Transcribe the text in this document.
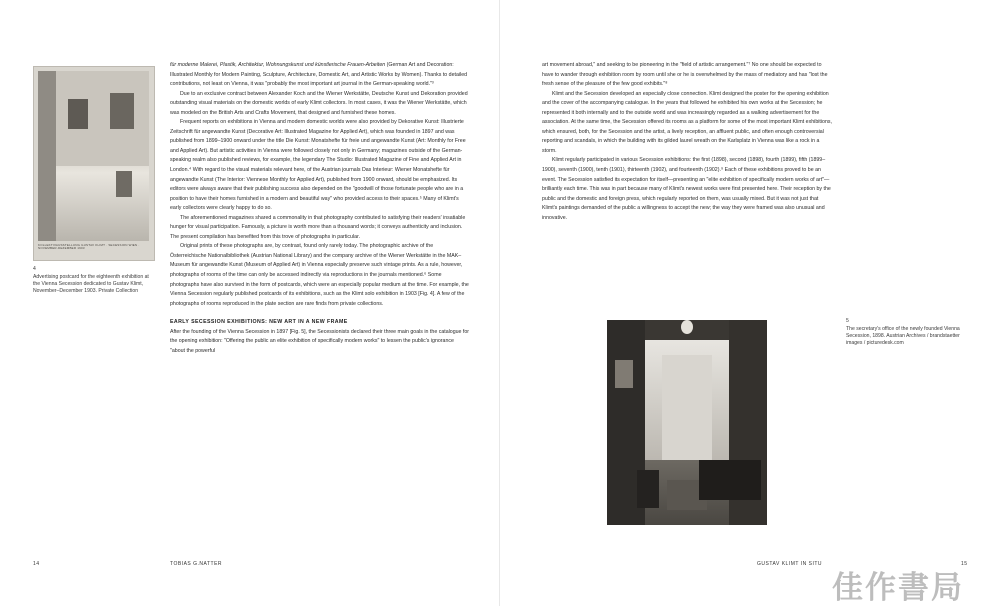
KOLLEKTIVAUSSTELLUNG GUSTAV KLIMT · SECESSION WIEN · NOVEMBER-DEZEMBER 1903
4
Advertising postcard for the eighteenth exhibition at the Vienna Secession dedicated to Gustav Klimt, November–December 1903. Private Collection

für moderne Malerei, Plastik, Architektur, Wohnungskunst und künstlerische Frauen-Arbeiten (German Art and Decoration: Illustrated Monthly for Modern Painting, Sculpture, Architecture, Domestic Art, and Artistic Works by Women). Thanks to detailed contributions, not least on Vienna, it was "probably the most important art journal in the German-speaking world."³

Due to an exclusive contract between Alexander Koch and the Wiener Werkstätte, Deutsche Kunst und Dekoration provided outstanding visual materials on the domestic worlds of early Klimt collectors. In most cases, it was the Wiener Werkstätte, which was modeled on the British Arts and Crafts Movement, that designed and furnished these homes.

Frequent reports on exhibitions in Vienna and modern domestic worlds were also provided by Dekorative Kunst: Illustrierte Zeitschrift für angewandte Kunst (Decorative Art: Illustrated Magazine for Applied Art), which was founded in 1897 and was published from 1899–1900 onward under the title Die Kunst: Monatshefte für freie und angewandte Kunst (Art: Monthly for Free and Applied Art). But artistic activities in Vienna were followed closely not only in Germany; magazines outside of the German-speaking realm also published reviews, for example, the legendary The Studio: Illustrated Magazine of Fine and Applied Art in London.⁴ With regard to the visual materials relevant here, of the Austrian journals Das Interieur: Wiener Monatshefte für angewandte Kunst (The Interior: Viennese Monthly for Applied Art), published from 1900 onward, should be emphasized. Its editors were always aware that their publishing success also depended on the "goodwill of those fortunate people who are in a position to have their homes furnished in a modern and beautiful way" who provided access to their spaces.⁵ Many of Klimt's early collectors were clearly happy to do so.

The aforementioned magazines shared a commonality in that photography contributed to satisfying their readers' insatiable hunger for visual participation. Famously, a picture is worth more than a thousand words; it conveys authenticity and inclusion. The present compilation has benefited from this trove of photographs in particular.

Original prints of these photographs are, by contrast, found only rarely today. The photographic archive of the Österreichische Nationalbibliothek (Austrian National Library) and the company archive of the Wiener Werkstätte in the MAK–Museum für angewandte Kunst (Museum of Applied Art) in Vienna especially preserve such vintage prints. As a rule, however, photographs of rooms of the time can only be accessed indirectly via reproductions in the journals mentioned.⁶ Some photographs have also survived in the form of postcards, which were an especially popular medium at the time. For example, the Vienna Secession regularly published postcards of its exhibitions, such as the Klimt solo exhibition in 1903 [Fig. 4]. A few of the photographs of rooms reproduced in the plate section are rare finds from private collections.

EARLY SECESSION EXHIBITIONS: NEW ART IN A NEW FRAME

After the founding of the Vienna Secession in 1897 [Fig. 5], the Secessionists declared their three main goals in the catalogue for the opening exhibition: "Offering the public an elite exhibition of specifically modern works" to lessen the public's ignorance "about the powerful

14	TOBIAS G.NATTER

art movement abroad," and seeking to be pioneering in the "field of artistic arrangement."⁷ No one should be expected to have to wander through exhibition room by room until she or he is overwhelmed by the mass of mediatory and has "lost the fresh sense of the pleasure of the few good exhibits."⁸

Klimt and the Secession developed an especially close connection. Klimt designed the poster for the opening exhibition and the cover of the accompanying catalogue. In the years that followed he exhibited his own works at the Secession; he represented it both internally and to the outside world and was increasingly regarded as a walking advertisement for the association. At the same time, the Secession offered its rooms as a platform for some of the most important Klimt exhibitions, which ensured, both, for the Secession and the artist, a lively reception, an affluent public, and often enough controversial reporting and scandals, in which the building with its gilded laurel wreath on the Karlsplatz in Vienna was like a rock in a storm.

Klimt regularly participated in various Secession exhibitions: the first (1898), second (1898), fourth (1899), fifth (1899–1900), seventh (1900), tenth (1901), thirteenth (1902), and fourteenth (1902).⁹ Each of these exhibitions proved to be an event. The Secession satisfied its expectation for itself—presenting an "elite exhibition of specifically modern works of art"—brilliantly each time. This was in part because many of Klimt's newest works were first presented here. Their reception by the public and the domestic and foreign press, which regularly reported on them, was usually mixed. But it was not just that Klimt's paintings demanded of the public a willingness to accept the new; the way they were framed was also unusual and innovative.

5
The secretary's office of the newly founded Vienna Secession, 1898. Austrian Archives / brandstaetter images / picturedesk.com
GUSTAV KLIMT IN SITU	15
佳作書局
